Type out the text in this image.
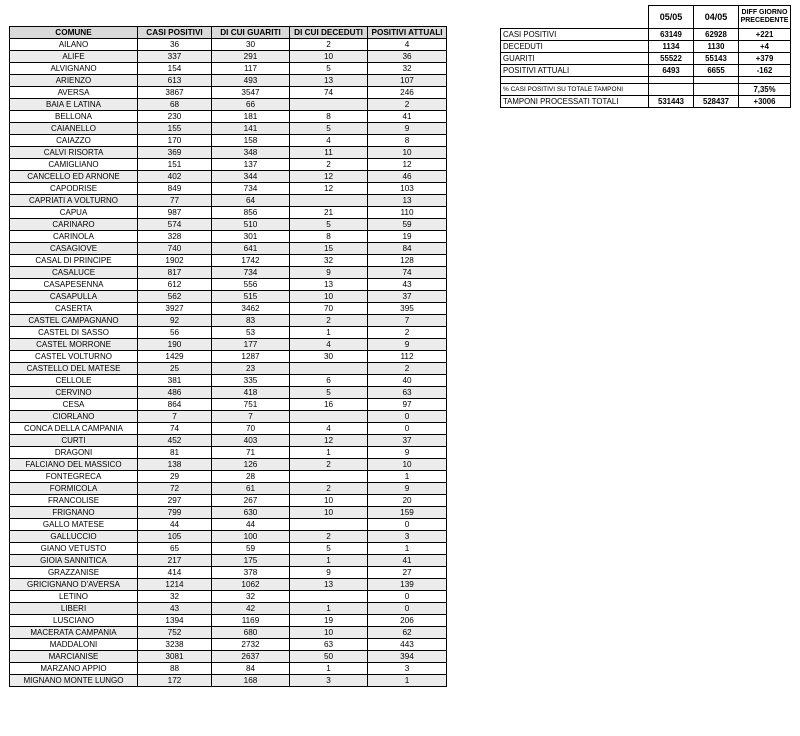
COMUNE	CASI POSITIVI	DI CUI GUARITI	DI CUI DECEDUTI	POSITIVI ATTUALI
AILANO	36	30	2	4
ALIFE	337	291	10	36
ALVIGNANO	154	117	5	32
ARIENZO	613	493	13	107
AVERSA	3867	3547	74	246
BAIA E LATINA	68	66		2
BELLONA	230	181	8	41
CAIANELLO	155	141	5	9
CAIAZZO	170	158	4	8
CALVI RISORTA	369	348	11	10
CAMIGLIANO	151	137	2	12
CANCELLO ED ARNONE	402	344	12	46
CAPODRISE	849	734	12	103
CAPRIATI A VOLTURNO	77	64		13
CAPUA	987	856	21	110
CARINARO	574	510	5	59
CARINOLA	328	301	8	19
CASAGIOVE	740	641	15	84
CASAL DI PRINCIPE	1902	1742	32	128
CASALUCE	817	734	9	74
CASAPESENNA	612	556	13	43
CASAPULLA	562	515	10	37
CASERTA	3927	3462	70	395
CASTEL CAMPAGNANO	92	83	2	7
CASTEL DI SASSO	56	53	1	2
CASTEL MORRONE	190	177	4	9
CASTEL VOLTURNO	1429	1287	30	112
CASTELLO DEL MATESE	25	23		2
CELLOLE	381	335	6	40
CERVINO	486	418	5	63
CESA	864	751	16	97
CIORLANO	7	7		0
CONCA DELLA CAMPANIA	74	70	4	0
CURTI	452	403	12	37
DRAGONI	81	71	1	9
FALCIANO DEL MASSICO	138	126	2	10
FONTEGRECA	29	28		1
FORMICOLA	72	61	2	9
FRANCOLISE	297	267	10	20
FRIGNANO	799	630	10	159
GALLO MATESE	44	44		0
GALLUCCIO	105	100	2	3
GIANO VETUSTO	65	59	5	1
GIOIA SANNITICA	217	175	1	41
GRAZZANISE	414	378	9	27
GRICIGNANO D'AVERSA	1214	1062	13	139
LETINO	32	32		0
LIBERI	43	42	1	0
LUSCIANO	1394	1169	19	206
MACERATA CAMPANIA	752	680	10	62
MADDALONI	3238	2732	63	443
MARCIANISE	3081	2637	50	394
MARZANO APPIO	88	84	1	3
MIGNANO MONTE LUNGO	172	168	3	1
	05/05	04/05	DIFF GIORNO PRECEDENTE
CASI POSITIVI	63149	62928	+221
DECEDUTI	1134	1130	+4
GUARITI	55522	55143	+379
POSITIVI ATTUALI	6493	6655	-162

% CASI POSITIVI SU TOTALE TAMPONI			7,35%
TAMPONI PROCESSATI TOTALI	531443	528437	+3006
